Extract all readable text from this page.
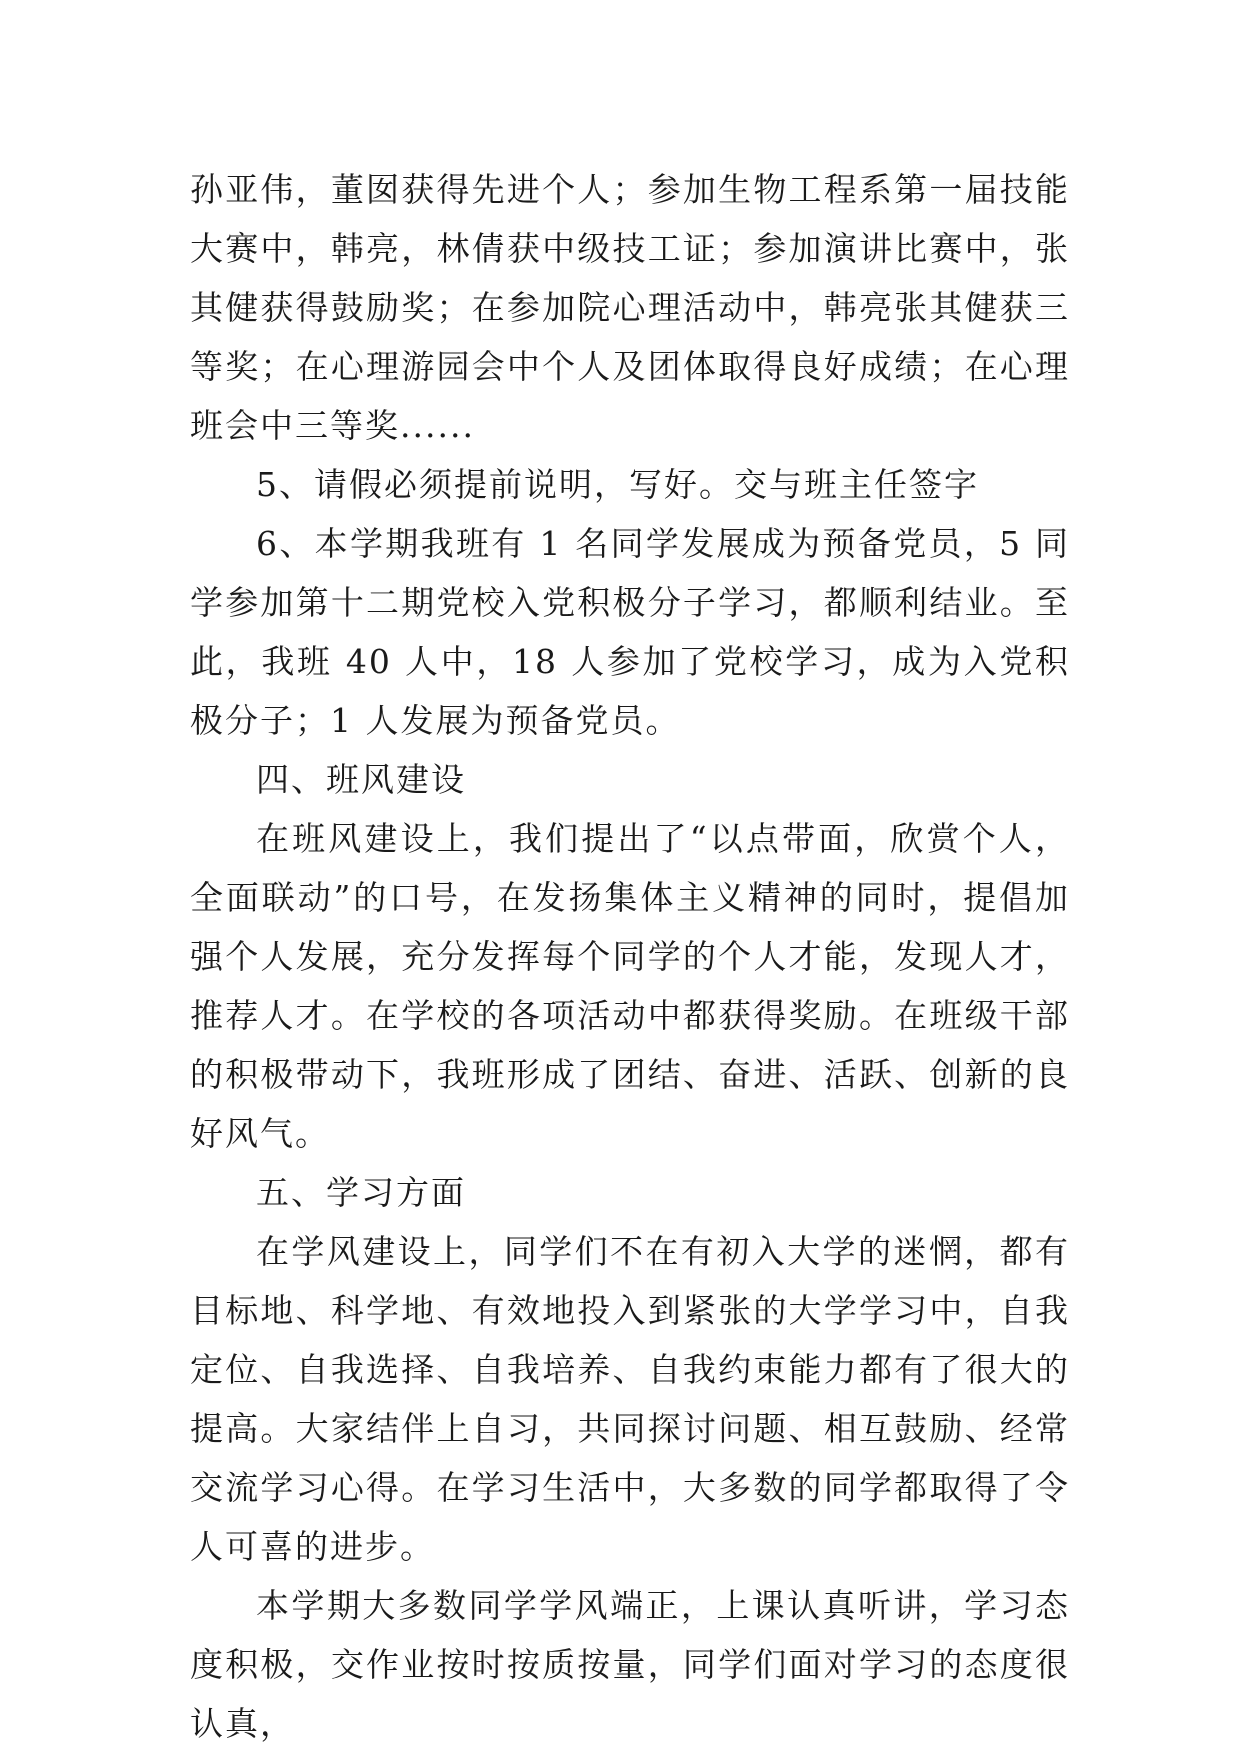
孙亚伟，董囡获得先进个人；参加生物工程系第一届技能大赛中，韩亮，林倩获中级技工证；参加演讲比赛中，张其健获得鼓励奖；在参加院心理活动中，韩亮张其健获三等奖；在心理游园会中个人及团体取得良好成绩；在心理班会中三等奖......

5、请假必须提前说明，写好。交与班主任签字

6、本学期我班有 1 名同学发展成为预备党员，5 同学参加第十二期党校入党积极分子学习，都顺利结业。至此，我班 40 人中，18 人参加了党校学习，成为入党积极分子；1 人发展为预备党员。

四、班风建设

在班风建设上，我们提出了“以点带面，欣赏个人，全面联动”的口号，在发扬集体主义精神的同时，提倡加强个人发展，充分发挥每个同学的个人才能，发现人才，推荐人才。在学校的各项活动中都获得奖励。在班级干部的积极带动下，我班形成了团结、奋进、活跃、创新的良好风气。

五、学习方面

在学风建设上，同学们不在有初入大学的迷惘，都有目标地、科学地、有效地投入到紧张的大学学习中，自我定位、自我选择、自我培养、自我约束能力都有了很大的提高。大家结伴上自习，共同探讨问题、相互鼓励、经常交流学习心得。在学习生活中，大多数的同学都取得了令人可喜的进步。

本学期大多数同学学风端正，上课认真听讲，学习态度积极，交作业按时按质按量，同学们面对学习的态度很认真，
